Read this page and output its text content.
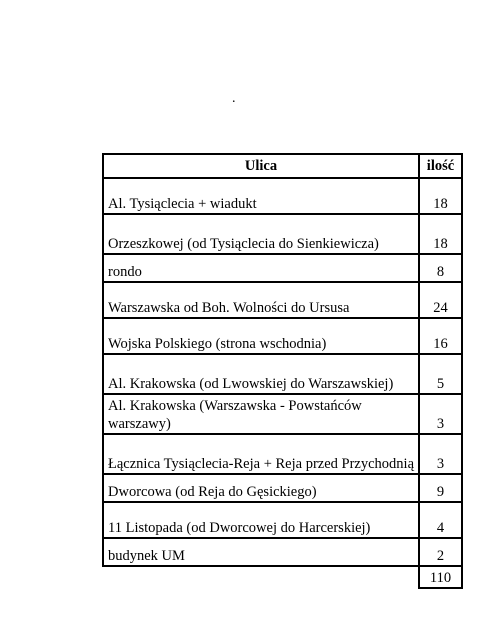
.
Ulica	ilość
Al. Tysiąclecia + wiadukt	18
Orzeszkowej (od Tysiąclecia do Sienkiewicza)	18
rondo	8
Warszawska od Boh. Wolności do Ursusa	24
Wojska Polskiego (strona wschodnia)	16
Al. Krakowska (od Lwowskiej do Warszawskiej)	5
Al. Krakowska (Warszawska - Powstańców warszawy)	3
Łącznica Tysiąclecia-Reja + Reja przed Przychodnią	3
Dworcowa (od Reja do Gęsickiego)	9
11 Listopada (od Dworcowej do Harcerskiej)	4
budynek UM	2
	110
